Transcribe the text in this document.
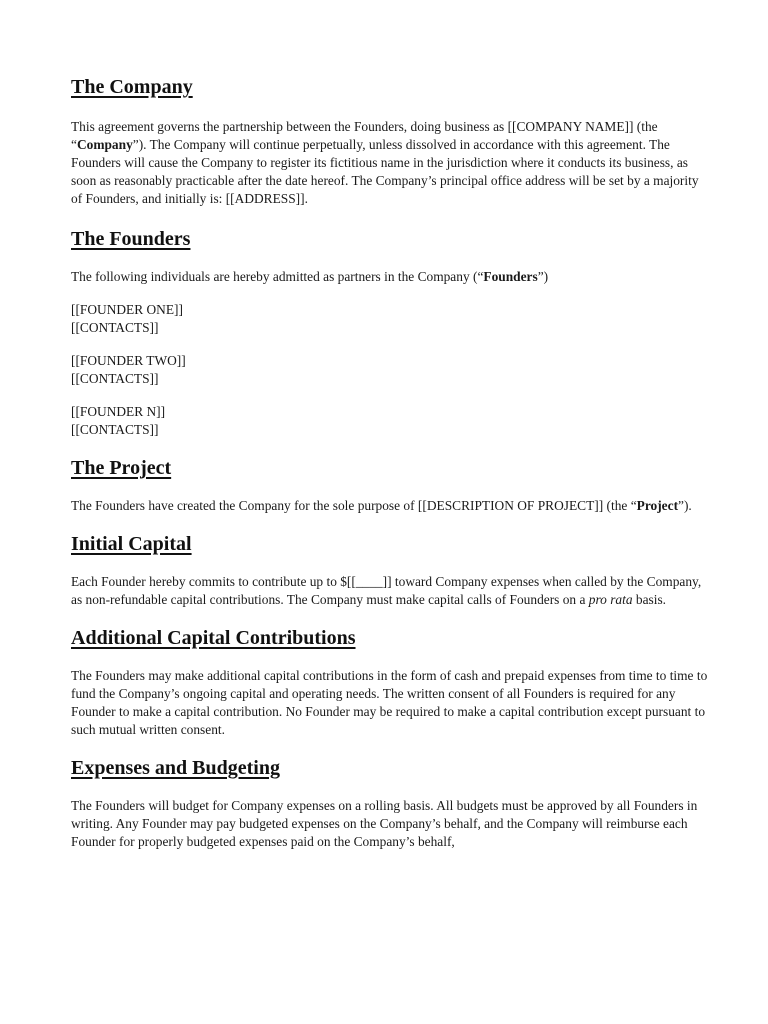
The Company

This agreement governs the partnership between the Founders, doing business as [[COMPANY NAME]] (the “Company”). The Company will continue perpetually, unless dissolved in accordance with this agreement. The Founders will cause the Company to register its fictitious name in the jurisdiction where it conducts its business, as soon as reasonably practicable after the date hereof. The Company’s principal office address will be set by a majority of Founders, and initially is: [[ADDRESS]].

The Founders

The following individuals are hereby admitted as partners in the Company (“Founders”)

[[FOUNDER ONE]]

[[CONTACTS]]

[[FOUNDER TWO]]

[[CONTACTS]]

[[FOUNDER N]]

[[CONTACTS]]

The Project

The Founders have created the Company for the sole purpose of [[DESCRIPTION OF PROJECT]] (the “Project”).

Initial Capital

Each Founder hereby commits to contribute up to $[[____]] toward Company expenses when called by the Company, as non-refundable capital contributions. The Company must make capital calls of Founders on a pro rata basis.

Additional Capital Contributions

The Founders may make additional capital contributions in the form of cash and prepaid expenses from time to time to fund the Company’s ongoing capital and operating needs. The written consent of all Founders is required for any Founder to make a capital contribution. No Founder may be required to make a capital contribution except pursuant to such mutual written consent.

Expenses and Budgeting

The Founders will budget for Company expenses on a rolling basis. All budgets must be approved by all Founders in writing. Any Founder may pay budgeted expenses on the Company’s behalf, and the Company will reimburse each Founder for properly budgeted expenses paid on the Company’s behalf,
